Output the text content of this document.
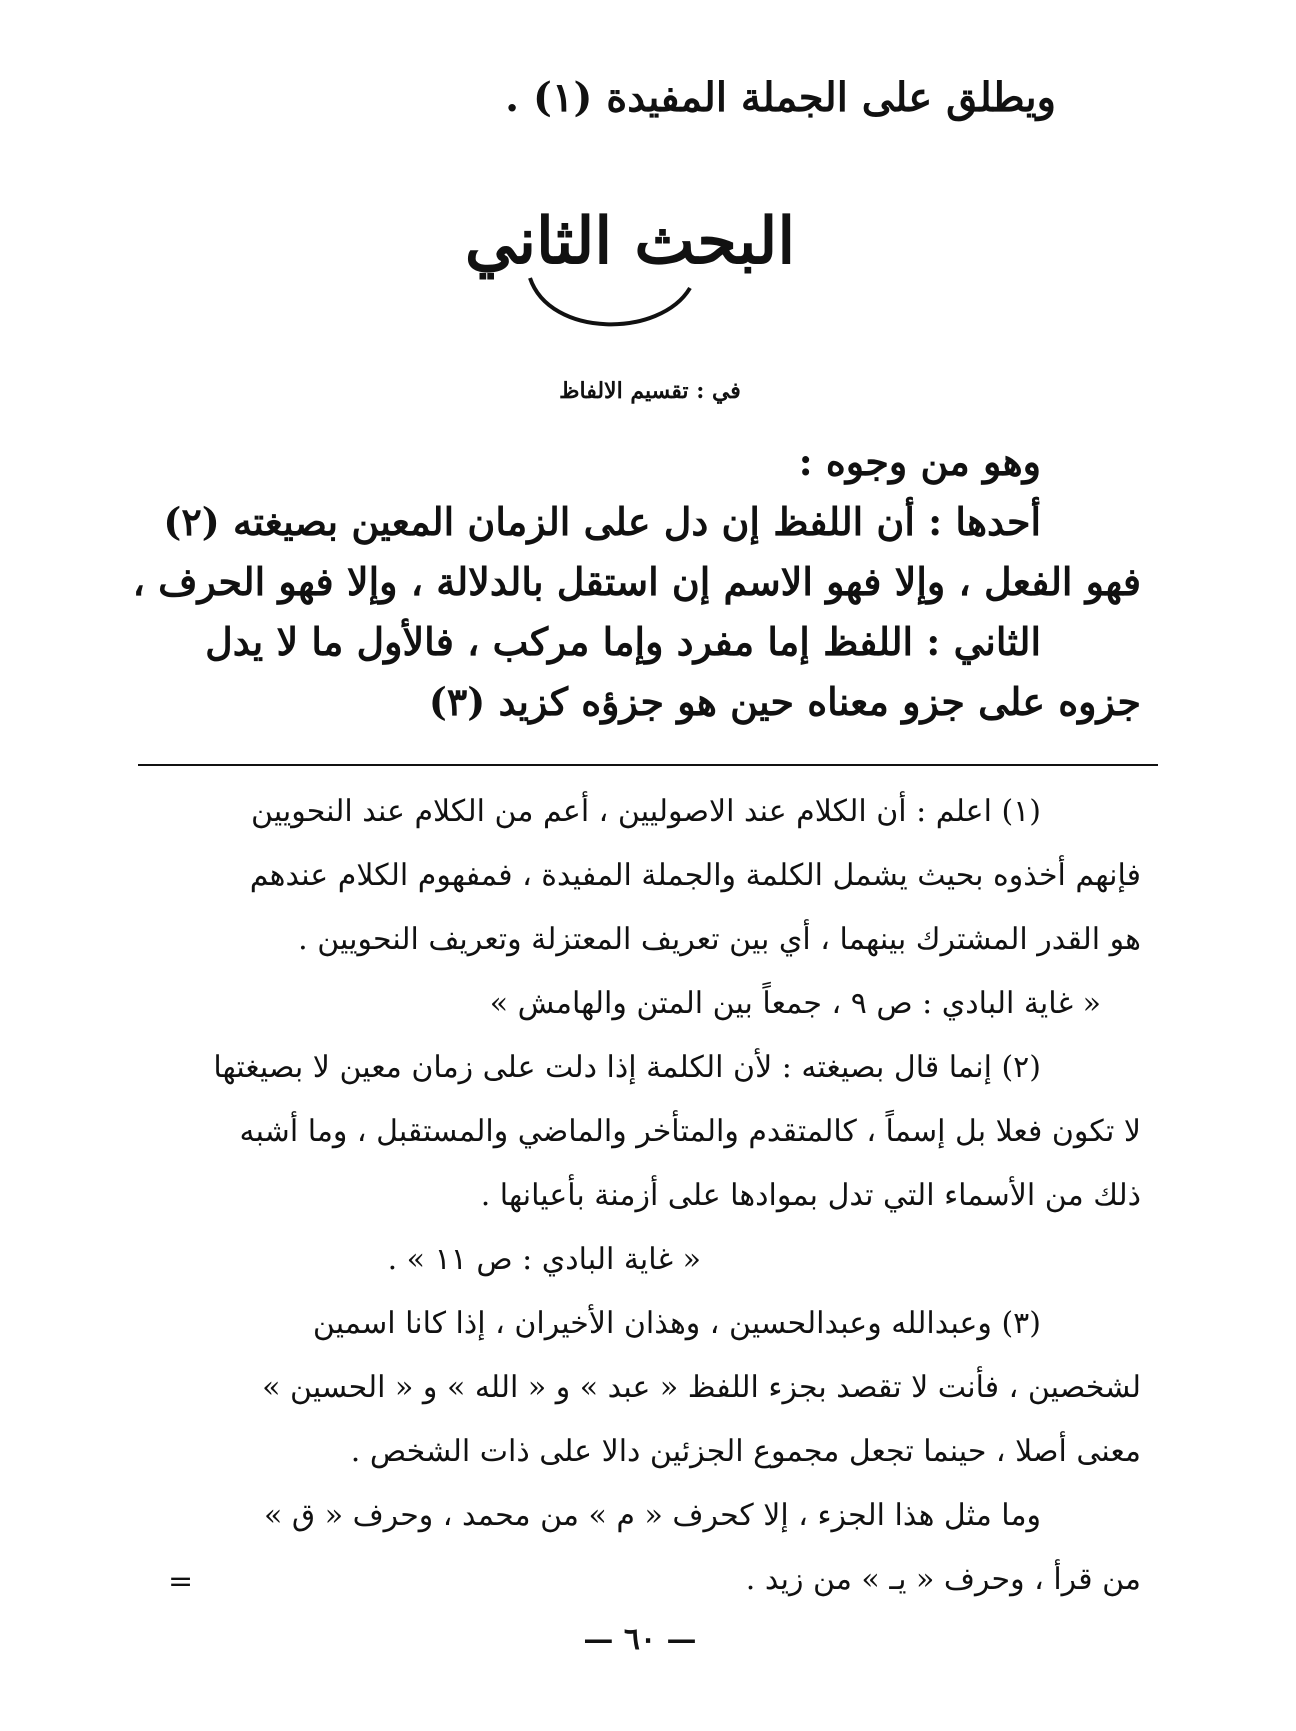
ويطلق على الجملة المفيدة (١) .
البحث الثاني
في : تقسيم الالفاظ

وهو من وجوه :

أحدها : أن اللفظ إن دل على الزمان المعين بصيغته (٢)

فهو الفعل ، وإلا فهو الاسم إن استقل بالدلالة ، وإلا فهو الحرف ،

الثاني : اللفظ إما مفرد وإما مركب ، فالأول ما لا يدل

جزوه على جزو معناه حين هو جزؤه كزيد (٣)

(١) اعلم : أن الكلام عند الاصوليين ، أعم من الكلام عند النحويين

فإنهم أخذوه بحيث يشمل الكلمة والجملة المفيدة ، فمفهوم الكلام عندهم

هو القدر المشترك بينهما ، أي بين تعريف المعتزلة وتعريف النحويين .

« غاية البادي : ص ٩ ، جمعاً بين المتن والهامش »

(٢) إنما قال بصيغته : لأن الكلمة إذا دلت على زمان معين لا بصيغتها

لا تكون فعلا بل إسماً ، كالمتقدم والمتأخر والماضي والمستقبل ، وما أشبه

ذلك من الأسماء التي تدل بموادها على أزمنة بأعيانها .

« غاية البادي : ص ١١ » .

(٣) وعبدالله وعبدالحسين ، وهذان الأخيران ، إذا كانا اسمين

لشخصين ، فأنت لا تقصد بجزء اللفظ « عبد » و « الله » و « الحسين »

معنى أصلا ، حينما تجعل مجموع الجزئين دالا على ذات الشخص .

وما مثل هذا الجزء ، إلا كحرف « م » من محمد ، وحرف « ق »

من قرأ ، وحرف « يـ » من زيد .

=
— ٦٠ —
